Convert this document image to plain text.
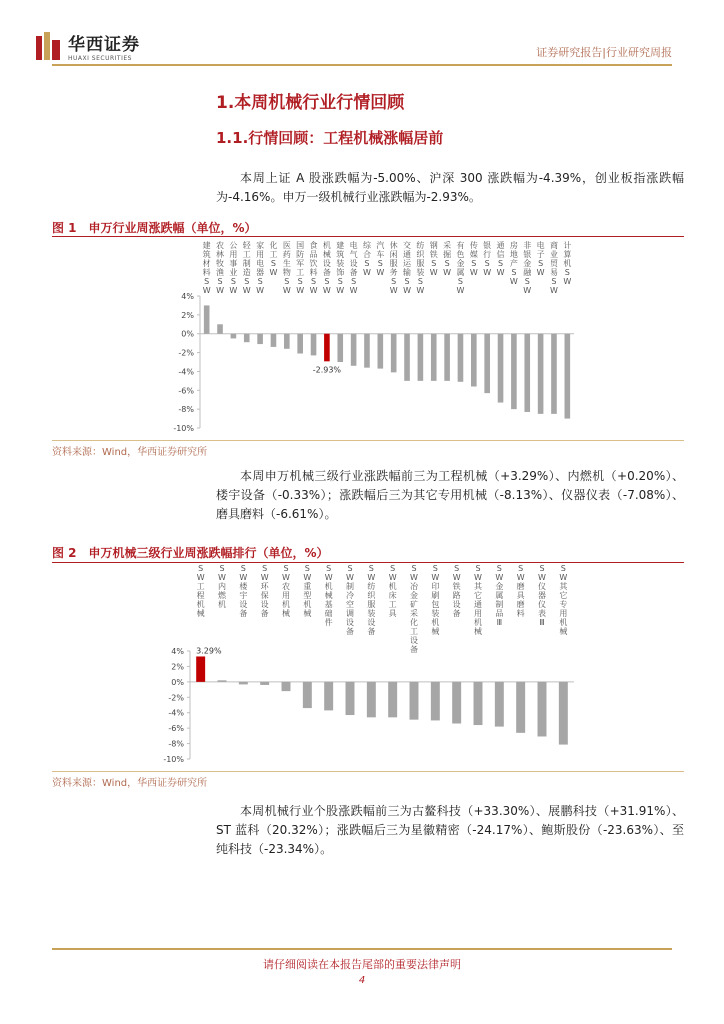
华西证券
HUAXI SECURITIES	证券研究报告|行业研究周报
1.本周机械行业行情回顾
1.1.行情回顾：工程机械涨幅居前
本周上证 A 股涨跌幅为-5.00%、沪深 300 涨跌幅为-4.39%，创业板指涨跌幅为-4.16%。申万一级机械行业涨跌幅为-2.93%。
图 1 申万行业周涨跌幅（单位，%）
4%
2%
0%
-2%
-4%
-6%
-8%
-10%
-2.93%
建筑材料 S W
农林牧渔 S W
公用事业 S W
轻工制造 S W
家用电器 S W
化工 S W
医药生物 S W
国防军工 S W
食品饮料 S W
机械设备 S W
建筑装饰 S W
电气设备 S W
综合 S W
汽车 S W
休闲服务 S W
交通运输 S W
纺织服装 S W
钢铁 S W
采掘 S W
有色金属 S W
传媒 S W
银行 S W
通信 S W
房地产 S W
非银金融 S W
电子 S W
商业贸易 S W
计算机 S W
资料来源：Wind，华西证券研究所
本周申万机械三级行业涨跌幅前三为工程机械（+3.29%）、内燃机（+0.20%）、楼宇设备（-0.33%）；涨跌幅后三为其它专用机械（-8.13%）、仪器仪表（-7.08%）、磨具磨料（-6.61%）。
图 2 申万机械三级行业周涨跌幅排行（单位，%）
4%
2%
0%
-2%
-4%
-6%
-8%
-10%
3.29%
S W 工程机械
S W 内燃机
S W 楼宇设备
S W 环保设备
S W 农用机械
S W 重型机械
S W 机械基础件
S W 制冷空调设备
S W 纺织服装设备
S W 机床工具
S W 冶金矿采化工设备
S W 印刷包装机械
S W 铁路设备
S W 其它通用机械
S W 金属制品 Ⅲ
S W 磨具磨料
S W 仪器仪表 Ⅲ
S W 其它专用机械
资料来源：Wind，华西证券研究所
本周机械行业个股涨跌幅前三为古鳌科技（+33.30%）、展鹏科技（+31.91%）、ST 蓝科（20.32%）；涨跌幅后三为星徽精密（-24.17%）、鲍斯股份（-23.63%）、至纯科技（-23.34%）。
请仔细阅读在本报告尾部的重要法律声明
4
